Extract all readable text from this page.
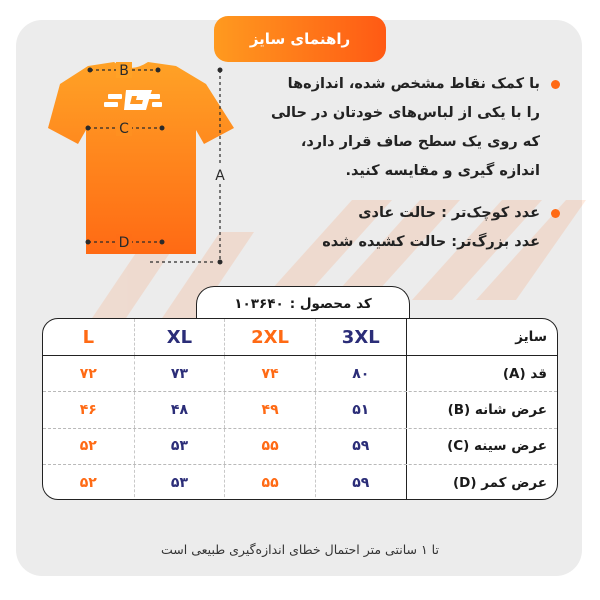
راهنمای سایز
B
C
D
A
با کمک نقاط مشخص شده، اندازه‌ها
را با یکی از لباس‌های خودتان در حالی
که روی یک سطح صاف قرار دارد،
اندازه گیری و مقایسه کنید.
عدد کوچک‌تر : حالت عادی
عدد بزرگ‌تر: حالت کشیده شده
کد محصول :
۱۰۳۶۴۰
سایز
3XL
2XL
XL
L
قد (A)
۸۰
۷۴
۷۳
۷۲
عرض شانه (B)
۵۱
۴۹
۴۸
۴۶
عرض سینه (C)
۵۹
۵۵
۵۳
۵۲
عرض کمر (D)
۵۹
۵۵
۵۳
۵۲
تا ۱ سانتی متر احتمال خطای اندازه‌گیری طبیعی است
